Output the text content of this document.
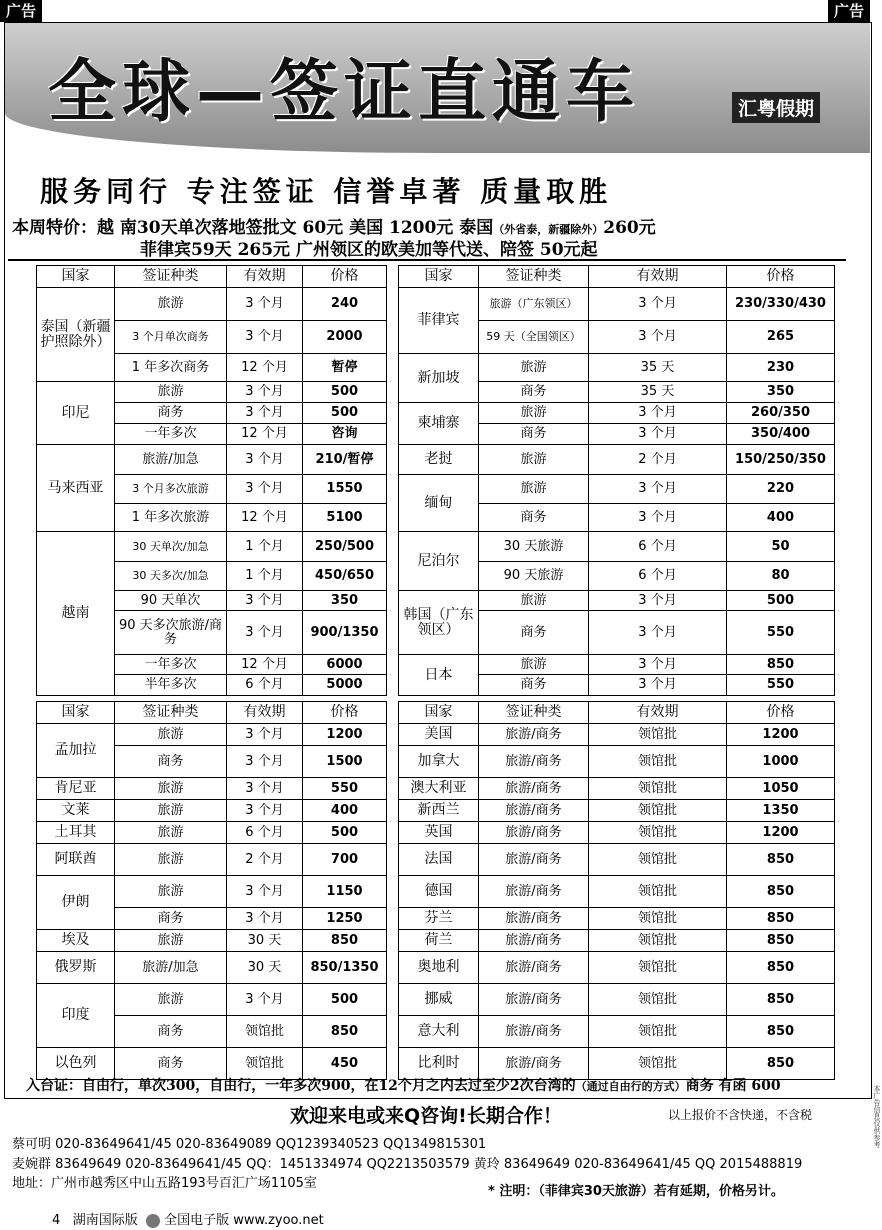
广告	广告
全球—签证直通车	汇粤假期
服务同行 专注签证 信誉卓著 质量取胜
本周特价：越 南30天单次落地签批文 60元 美国 1200元 泰国（外省泰，新疆除外）260元
菲律宾59天 265元 广州领区的欧美加等代送、陪签 50元起
国家	签证种类	有效期	价格
泰国（新疆护照除外）	旅游	3 个月	240
	3 个月单次商务	3 个月	2000
	1 年多次商务	12 个月	暂停
印尼	旅游	3 个月	500
	商务	3 个月	500
	一年多次	12 个月	咨询
马来西亚	旅游/加急	3 个月	210/暂停
	3 个月多次旅游	3 个月	1550
	1 年多次旅游	12 个月	5100
越南	30 天单次/加急	1 个月	250/500
	30 天多次/加急	1 个月	450/650
	90 天单次	3 个月	350
	90 天多次旅游/商务	3 个月	900/1350
	一年多次	12 个月	6000
	半年多次	6 个月	5000
国家	签证种类	有效期	价格
菲律宾	旅游（广东领区）	3 个月	230/330/430
	59 天（全国领区）	3 个月	265
新加坡	旅游	35 天	230
	商务	35 天	350
柬埔寨	旅游	3 个月	260/350
	商务	3 个月	350/400
老挝	旅游	2 个月	150/250/350
缅甸	旅游	3 个月	220
	商务	3 个月	400
尼泊尔	30 天旅游	6 个月	50
	90 天旅游	6 个月	80
韩国（广东领区）	旅游	3 个月	500
	商务	3 个月	550
日本	旅游	3 个月	850
	商务	3 个月	550
国家	签证种类	有效期	价格
孟加拉	旅游	3 个月	1200
	商务	3 个月	1500
肯尼亚	旅游	3 个月	550
文莱	旅游	3 个月	400
土耳其	旅游	6 个月	500
阿联酋	旅游	2 个月	700
伊朗	旅游	3 个月	1150
	商务	3 个月	1250
埃及	旅游	30 天	850
俄罗斯	旅游/加急	30 天	850/1350
印度	旅游	3 个月	500
	商务	领馆批	850
以色列	商务	领馆批	450
国家	签证种类	有效期	价格
美国	旅游/商务	领馆批	1200
加拿大	旅游/商务	领馆批	1000
澳大利亚	旅游/商务	领馆批	1050
新西兰	旅游/商务	领馆批	1350
英国	旅游/商务	领馆批	1200
法国	旅游/商务	领馆批	850
德国	旅游/商务	领馆批	850
芬兰	旅游/商务	领馆批	850
荷兰	旅游/商务	领馆批	850
奥地利	旅游/商务	领馆批	850
挪威	旅游/商务	领馆批	850
意大利	旅游/商务	领馆批	850
比利时	旅游/商务	领馆批	850
入台证：自由行，单次300，自由行，一年多次900，在12个月之内去过至少2次台湾的（通过自由行的方式）商务 有函 600
欢迎来电或来Q咨询!长期合作！	以上报价不含快递，不含税
蔡可明 020-83649641/45 020-83649089 QQ1239340523 QQ1349815301
麦婉群 83649649 020-83649641/45 QQ：1451334974 QQ2213503579 黄玲 83649649 020-83649641/45 QQ 2015488819
地址：广州市越秀区中山五路193号百汇广场1105室
* 注明：（菲律宾30天旅游）若有延期，价格另计。
4 湖南国际版 全国电子版 www.zyoo.net
本广告信息仅供参考
